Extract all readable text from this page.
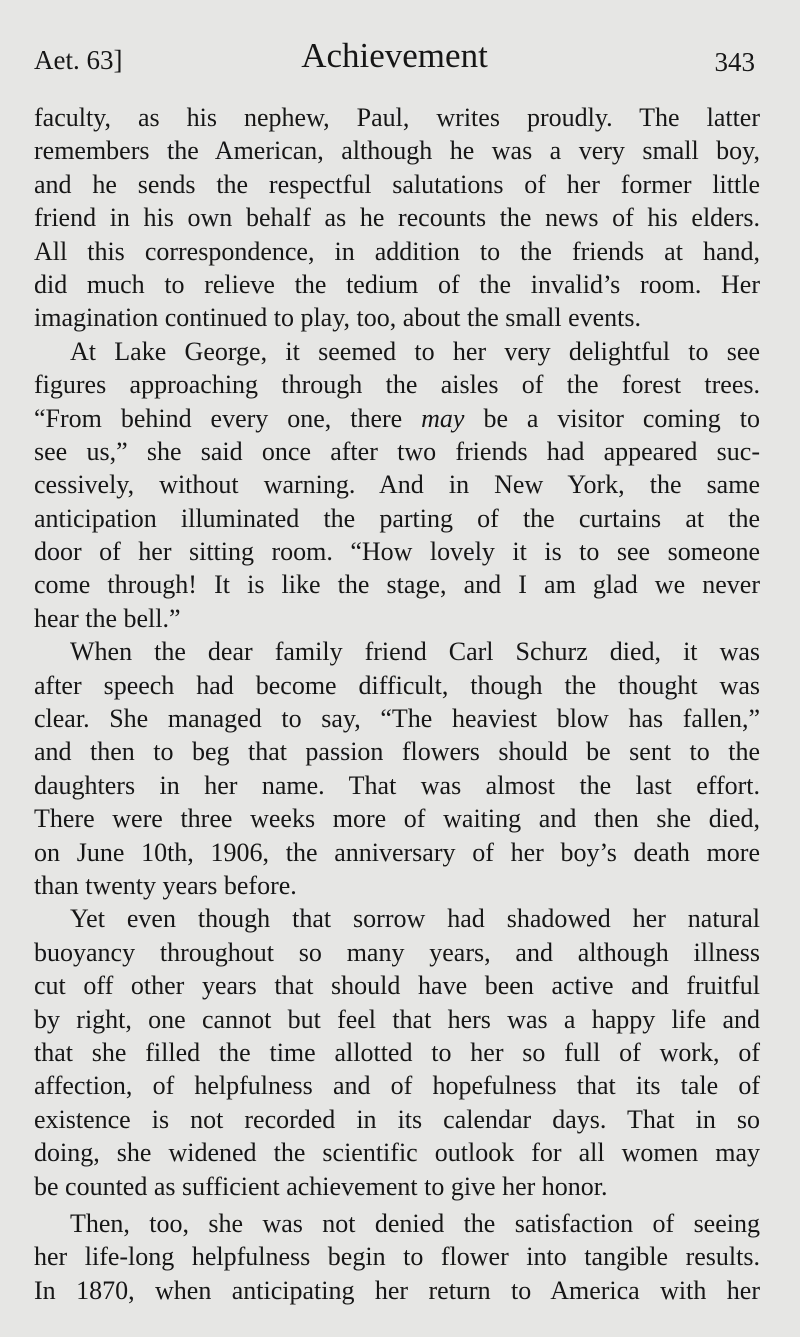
Aet. 63]	Achievement	343
faculty, as his nephew, Paul, writes proudly. The latter
remembers the American, although he was a very small boy,
and he sends the respectful salutations of her former little
friend in his own behalf as he recounts the news of his elders.
All this correspondence, in addition to the friends at hand,
did much to relieve the tedium of the invalid’s room. Her
imagination continued to play, too, about the small events.
At Lake George, it seemed to her very delightful to see
figures approaching through the aisles of the forest trees.
“From behind every one, there may be a visitor coming to
see us,” she said once after two friends had appeared suc-
cessively, without warning. And in New York, the same
anticipation illuminated the parting of the curtains at the
door of her sitting room. “How lovely it is to see someone
come through! It is like the stage, and I am glad we never
hear the bell.”
When the dear family friend Carl Schurz died, it was
after speech had become difficult, though the thought was
clear. She managed to say, “The heaviest blow has fallen,”
and then to beg that passion flowers should be sent to the
daughters in her name. That was almost the last effort.
There were three weeks more of waiting and then she died,
on June 10th, 1906, the anniversary of her boy’s death more
than twenty years before.
Yet even though that sorrow had shadowed her natural
buoyancy throughout so many years, and although illness
cut off other years that should have been active and fruitful
by right, one cannot but feel that hers was a happy life and
that she filled the time allotted to her so full of work, of
affection, of helpfulness and of hopefulness that its tale of
existence is not recorded in its calendar days. That in so
doing, she widened the scientific outlook for all women may
be counted as sufficient achievement to give her honor.
Then, too, she was not denied the satisfaction of seeing
her life-long helpfulness begin to flower into tangible results.
In 1870, when anticipating her return to America with her
